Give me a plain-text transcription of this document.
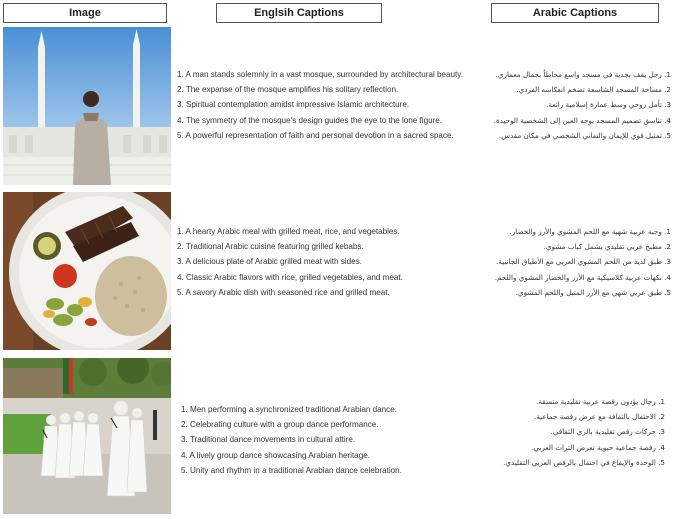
Image	Englsih Captions	Arabic Captions
1. A man stands solemnly in a vast mosque, surrounded by architectural beauty.
2. The expanse of the mosque amplifies his solitary reflection.
3. Spiritual contemplation amidst impressive Islamic architecture.
4. The symmetry of the mosque's design guides the eye to the lone figure.
5. A powerful representation of faith and personal devotion in a sacred space.
1. رجل يقف بجدية في مسجد واسع محاطاً بجمال معماري.
2. مساحة المسجد الشاسعة تضخم انعكاسه الفردي.
3. تأمل روحي وسط عمارة إسلامية رائعة.
4. تناسق تصميم المسجد يوجه العين إلى الشخصية الوحيدة.
5. تمثيل قوي للإيمان والتفاني الشخصي في مكان مقدس.
1. A hearty Arabic meal with grilled meat, rice, and vegetables.
2. Traditional Arabic cuisine featuring grilled kebabs.
3. A delicious plate of Arabic grilled meat with sides.
4. Classic Arabic flavors with rice, grilled vegetables, and meat.
5. A savory Arabic dish with seasoned rice and grilled meat.
1. وجبة عربية شهية مع اللحم المشوي والأرز والخضار.
2. مطبخ عربي تقليدي يشمل كباب مشوي.
3. طبق لذيذ من اللحم المشوي العربي مع الأطباق الجانبية.
4. نكهات عربية كلاسيكية مع الأرز والخضار المشوي واللحم.
5. طبق عربي شهي مع الأرز المتبل واللحم المشوي.
1. Men performing a synchronized traditional Arabian dance.
2. Celebrating culture with a group dance performance.
3. Traditional dance movements in cultural attire.
4. A lively group dance showcasing Arabian heritage.
5. Unity and rhythm in a traditional Arabian dance celebration.
1. رجال يؤدون رقصة عربية تقليدية متسقة.
2. الاحتفال بالثقافة مع عرض رقصة جماعية.
3. حركات رقص تقليدية بالزي الثقافي.
4. رقصة جماعية حيوية تعرض التراث العربي.
5. الوحدة والإيقاع في احتفال بالرقص العربي التقليدي.
